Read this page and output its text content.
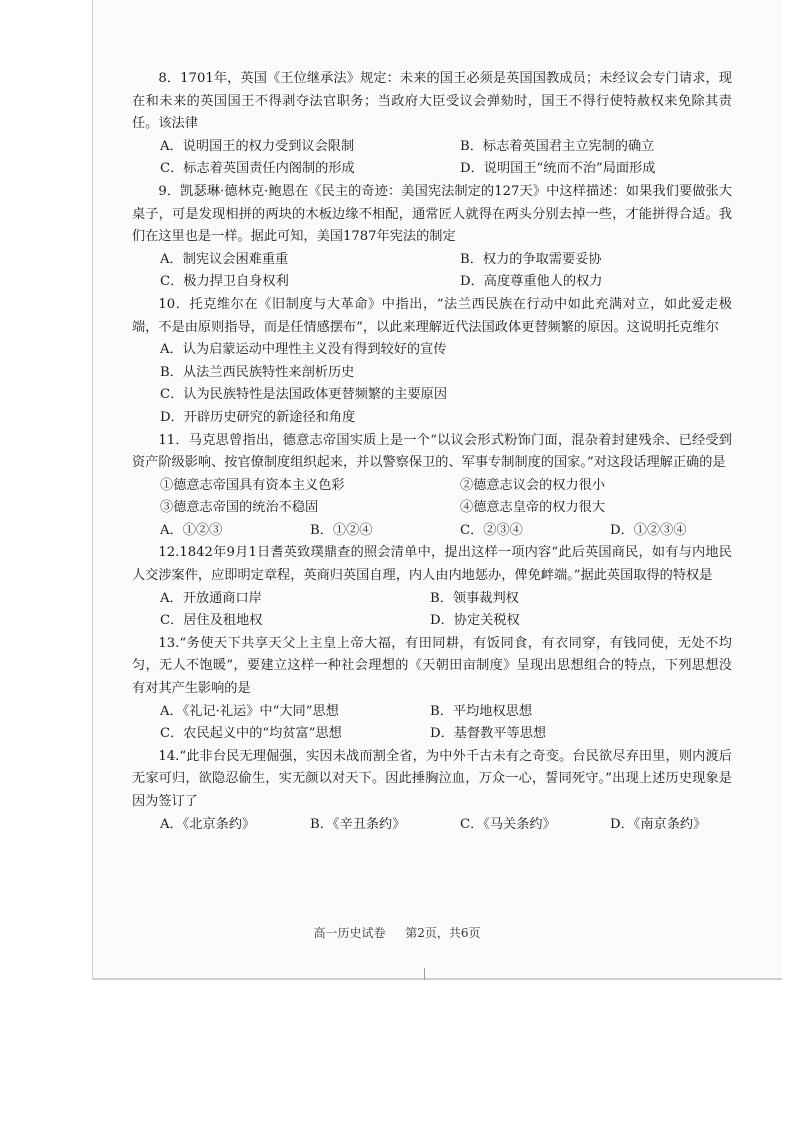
8．1701年，英国《王位继承法》规定：未来的国王必须是英国国教成员；未经议会专门请求，现在和未来的英国国王不得剥夺法官职务；当政府大臣受议会弹劾时，国王不得行使特赦权来免除其责任。该法律

A．说明国王的权力受到议会限制	B．标志着英国君主立宪制的确立
C．标志着英国责任内阁制的形成	D．说明国王“统而不治”局面形成

9．凯瑟琳·德林克·鲍恩在《民主的奇迹：美国宪法制定的127天》中这样描述：如果我们要做张大桌子，可是发现相拼的两块的木板边缘不相配，通常匠人就得在两头分别去掉一些，才能拼得合适。我们在这里也是一样。据此可知，美国1787年宪法的制定

A．制宪议会困难重重	B．权力的争取需要妥协
C．极力捍卫自身权利	D．高度尊重他人的权力

10．托克维尔在《旧制度与大革命》中指出，“法兰西民族在行动中如此充满对立，如此爱走极端，不是由原则指导，而是任情感摆布”，以此来理解近代法国政体更替频繁的原因。这说明托克维尔

A．认为启蒙运动中理性主义没有得到较好的宣传
B．从法兰西民族特性来剖析历史
C．认为民族特性是法国政体更替频繁的主要原因
D．开辟历史研究的新途径和角度

11．马克思曾指出，德意志帝国实质上是一个“以议会形式粉饰门面，混杂着封建残余、已经受到资产阶级影响、按官僚制度组织起来，并以警察保卫的、军事专制制度的国家。”对这段话理解正确的是

①德意志帝国具有资本主义色彩	②德意志议会的权力很小
③德意志帝国的统治不稳固	④德意志皇帝的权力很大
A．①②③	B．①②④	C．②③④	D．①②③④

12.1842年9月1日耆英致璞鼎查的照会清单中，提出这样一项内容“此后英国商民，如有与内地民人交涉案件，应即明定章程，英商归英国自理，内人由内地惩办，俾免衅端。”据此英国取得的特权是

A．开放通商口岸	B．领事裁判权
C．居住及租地权	D．协定关税权

13.“务使天下共享天父上主皇上帝大福，有田同耕，有饭同食，有衣同穿，有钱同使，无处不均匀，无人不饱暖”，要建立这样一种社会理想的《天朝田亩制度》呈现出思想组合的特点，下列思想没有对其产生影响的是

A．《礼记·礼运》中“大同”思想	B．平均地权思想
C．农民起义中的“均贫富”思想	D．基督教平等思想

14.“此非台民无理倔强，实因未战而割全省，为中外千古未有之奇变。台民欲尽弃田里，则内渡后无家可归，欲隐忍偷生，实无颜以对天下。因此捶胸泣血，万众一心，誓同死守。”出现上述历史现象是因为签订了

A．《北京条约》	B．《辛丑条约》	C．《马关条约》	D．《南京条约》
高一历史试卷 第2页，共6页
